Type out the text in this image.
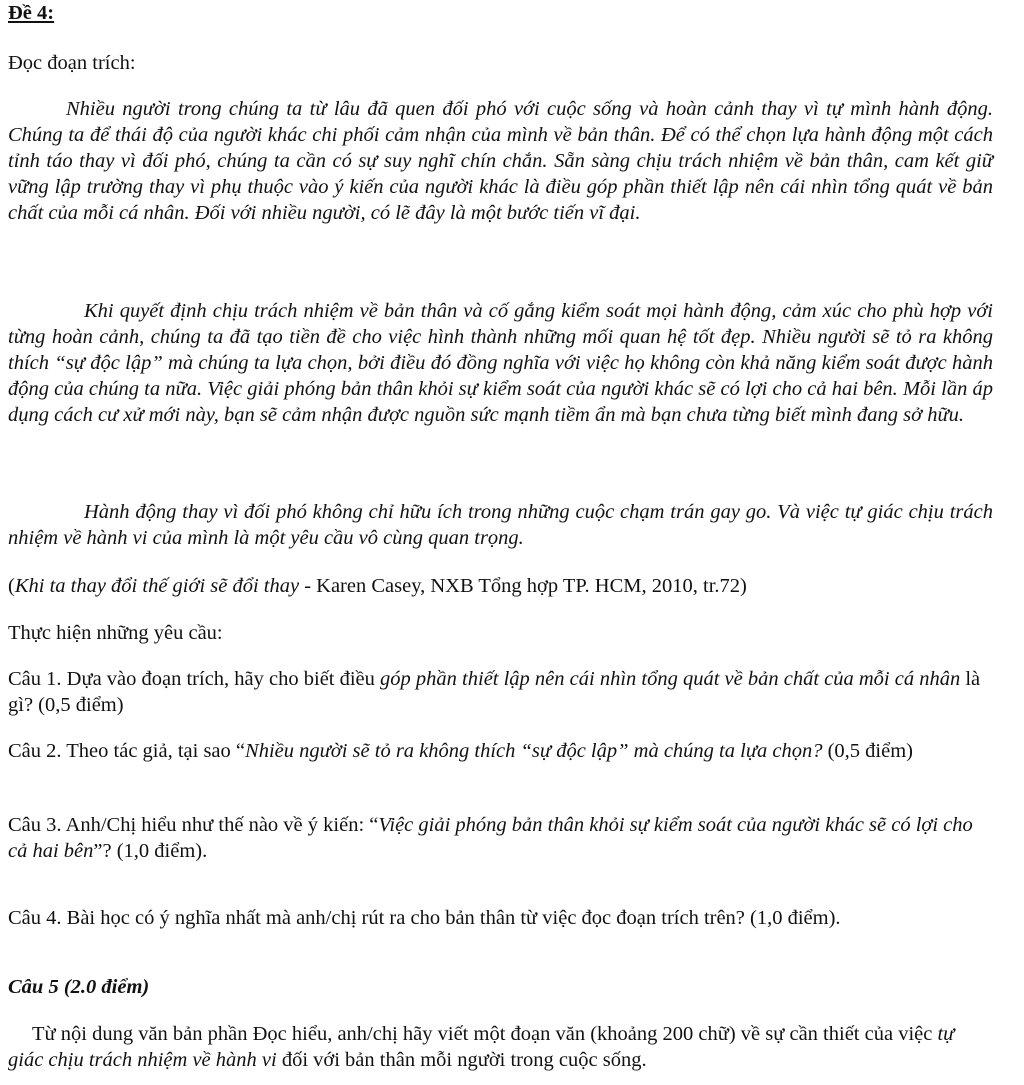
Đề 4:

Đọc đoạn trích:

Nhiều người trong chúng ta từ lâu đã quen đối phó với cuộc sống và hoàn cảnh thay vì tự mình hành động. Chúng ta để thái độ của người khác chi phối cảm nhận của mình về bản thân. Để có thể chọn lựa hành động một cách tỉnh táo thay vì đối phó, chúng ta cần có sự suy nghĩ chín chắn. Sẵn sàng chịu trách nhiệm về bản thân, cam kết giữ vững lập trường thay vì phụ thuộc vào ý kiến của người khác là điều góp phần thiết lập nên cái nhìn tổng quát về bản chất của mỗi cá nhân. Đối với nhiều người, có lẽ đây là một bước tiến vĩ đại.

Khi quyết định chịu trách nhiệm về bản thân và cố gắng kiểm soát mọi hành động, cảm xúc cho phù hợp với từng hoàn cảnh, chúng ta đã tạo tiền đề cho việc hình thành những mối quan hệ tốt đẹp. Nhiều người sẽ tỏ ra không thích “sự độc lập” mà chúng ta lựa chọn, bởi điều đó đồng nghĩa với việc họ không còn khả năng kiểm soát được hành động của chúng ta nữa. Việc giải phóng bản thân khỏi sự kiểm soát của người khác sẽ có lợi cho cả hai bên. Mỗi lần áp dụng cách cư xử mới này, bạn sẽ cảm nhận được nguồn sức mạnh tiềm ẩn mà bạn chưa từng biết mình đang sở hữu.

Hành động thay vì đối phó không chỉ hữu ích trong những cuộc chạm trán gay go. Và việc tự giác chịu trách nhiệm về hành vi của mình là một yêu cầu vô cùng quan trọng.

(Khi ta thay đổi thế giới sẽ đổi thay - Karen Casey, NXB Tổng hợp TP. HCM, 2010, tr.72)

Thực hiện những yêu cầu:

Câu 1. Dựa vào đoạn trích, hãy cho biết điều góp phần thiết lập nên cái nhìn tổng quát về bản chất của mỗi cá nhân là gì? (0,5 điểm)

Câu 2. Theo tác giả, tại sao “Nhiều người sẽ tỏ ra không thích “sự độc lập” mà chúng ta lựa chọn? (0,5 điểm)

Câu 3. Anh/Chị hiểu như thế nào về ý kiến: “Việc giải phóng bản thân khỏi sự kiểm soát của người khác sẽ có lợi cho cả hai bên”? (1,0 điểm).

Câu 4. Bài học có ý nghĩa nhất mà anh/chị rút ra cho bản thân từ việc đọc đoạn trích trên? (1,0 điểm).

Câu 5 (2.0 điểm)

Từ nội dung văn bản phần Đọc hiểu, anh/chị hãy viết một đoạn văn (khoảng 200 chữ) về sự cần thiết của việc tự giác chịu trách nhiệm về hành vi đối với bản thân mỗi người trong cuộc sống.
